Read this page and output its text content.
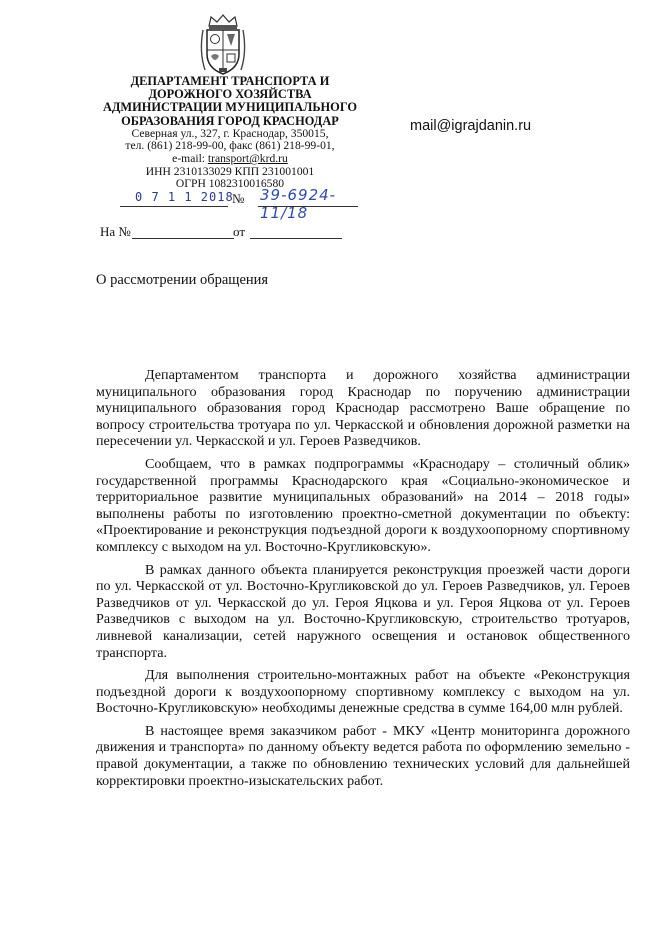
ДЕПАРТАМЕНТ ТРАНСПОРТА И
ДОРОЖНОГО ХОЗЯЙСТВА
АДМИНИСТРАЦИИ МУНИЦИПАЛЬНОГО
ОБРАЗОВАНИЯ ГОРОД КРАСНОДАР
Северная ул., 327, г. Краснодар, 350015,
тел. (861) 218-99-00, факс (861) 218-99-01,
e-mail: transport@krd.ru
ИНН 2310133029 КПП 231001001
ОГРН 1082310016580
0 7 1 1 2018
№ 39-6924-11/18
На №	от
mail@igrajdanin.ru
О рассмотрении обращения

Департаментом транспорта и дорожного хозяйства администрации муниципального образования город Краснодар по поручению администрации муниципального образования город Краснодар рассмотрено Ваше обращение по вопросу строительства тротуара по ул. Черкасской и обновления дорожной разметки на пересечении ул. Черкасской и ул. Героев Разведчиков.

Сообщаем, что в рамках подпрограммы «Краснодару – столичный облик» государственной программы Краснодарского края «Социально-экономическое и территориальное развитие муниципальных образований» на 2014 – 2018 годы» выполнены работы по изготовлению проектно-сметной документации по объекту: «Проектирование и реконструкция подъездной дороги к воздухоопорному спортивному комплексу с выходом на ул. Восточно-Кругликовскую».

В рамках данного объекта планируется реконструкция проезжей части дороги по ул. Черкасской от ул. Восточно-Кругликовской до ул. Героев Разведчиков, ул. Героев Разведчиков от ул. Черкасской до ул. Героя Яцкова и ул. Героя Яцкова от ул. Героев Разведчиков с выходом на ул. Восточно-Кругликовскую, строительство тротуаров, ливневой канализации, сетей наружного освещения и остановок общественного транспорта.

Для выполнения строительно-монтажных работ на объекте «Реконструкция подъездной дороги к воздухоопорному спортивному комплексу с выходом на ул. Восточно-Кругликовскую» необходимы денежные средства в сумме 164,00 млн рублей.

В настоящее время заказчиком работ - МКУ «Центр мониторинга дорожного движения и транспорта» по данному объекту ведется работа по оформлению земельно - правой документации, а также по обновлению технических условий для дальнейшей корректировки проектно-изыскательских работ.
